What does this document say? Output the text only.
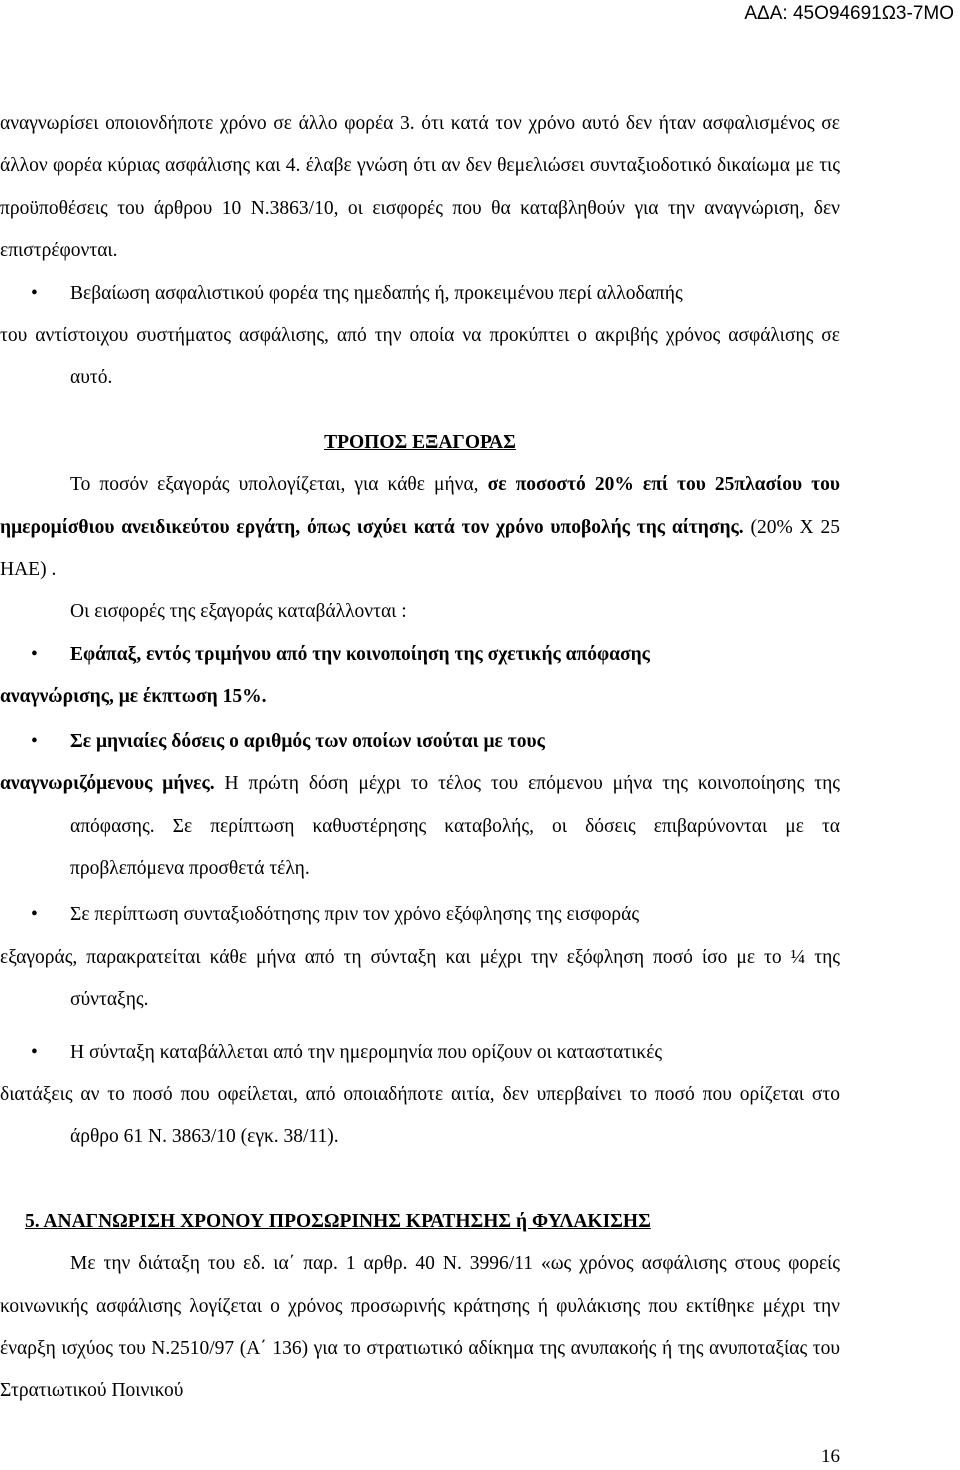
ΑΔΑ: 45Ο94691Ω3-7ΜΟ

αναγνωρίσει οποιονδήποτε χρόνο σε άλλο φορέα 3. ότι κατά τον χρόνο αυτό δεν ήταν ασφαλισμένος σε άλλον φορέα κύριας ασφάλισης και 4. έλαβε γνώση ότι αν δεν θεμελιώσει συνταξιοδοτικό δικαίωμα με τις προϋποθέσεις του άρθρου 10 Ν.3863/10, οι εισφορές που θα καταβληθούν για την αναγνώριση, δεν επιστρέφονται.

• Βεβαίωση ασφαλιστικού φορέα της ημεδαπής ή, προκειμένου περί αλλοδαπής
του αντίστοιχου συστήματος ασφάλισης, από την οποία να προκύπτει ο ακριβής χρόνος ασφάλισης σε αυτό.

ΤΡΟΠΟΣ ΕΞΑΓΟΡΑΣ

Το ποσόν εξαγοράς υπολογίζεται, για κάθε μήνα, σε ποσοστό 20% επί του 25πλασίου του ημερομίσθιου ανειδικεύτου εργάτη, όπως ισχύει κατά τον χρόνο υποβολής της αίτησης. (20% Χ 25 ΗΑΕ) .

Οι εισφορές της εξαγοράς καταβάλλονται :

• Εφάπαξ, εντός τριμήνου από την κοινοποίηση της σχετικής απόφασης
αναγνώρισης, με έκπτωση 15%.

• Σε μηνιαίες δόσεις ο αριθμός των οποίων ισούται με τους
αναγνωριζόμενους μήνες. Η πρώτη δόση μέχρι το τέλος του επόμενου μήνα της κοινοποίησης της απόφασης. Σε περίπτωση καθυστέρησης καταβολής, οι δόσεις επιβαρύνονται με τα προβλεπόμενα προσθετά τέλη.

• Σε περίπτωση συνταξιοδότησης πριν τον χρόνο εξόφλησης της εισφοράς
εξαγοράς, παρακρατείται κάθε μήνα από τη σύνταξη και μέχρι την εξόφληση ποσό ίσο με το ¼ της σύνταξης.

• Η σύνταξη καταβάλλεται από την ημερομηνία που ορίζουν οι καταστατικές
διατάξεις αν το ποσό που οφείλεται, από οποιαδήποτε αιτία, δεν υπερβαίνει το ποσό που ορίζεται στο άρθρο 61 Ν. 3863/10 (εγκ. 38/11).

5. ΑΝΑΓΝΩΡΙΣΗ ΧΡΟΝΟΥ ΠΡΟΣΩΡΙΝΗΣ ΚΡΑΤΗΣΗΣ ή ΦΥΛΑΚΙΣΗΣ

Με την διάταξη του εδ. ια΄ παρ. 1 αρθρ. 40 Ν. 3996/11 «ως χρόνος ασφάλισης στους φορείς κοινωνικής ασφάλισης λογίζεται ο χρόνος προσωρινής κράτησης ή φυλάκισης που εκτίθηκε μέχρι την έναρξη ισχύος του Ν.2510/97 (Α΄ 136) για το στρατιωτικό αδίκημα της ανυπακοής ή της ανυποταξίας του Στρατιωτικού Ποινικού

16
